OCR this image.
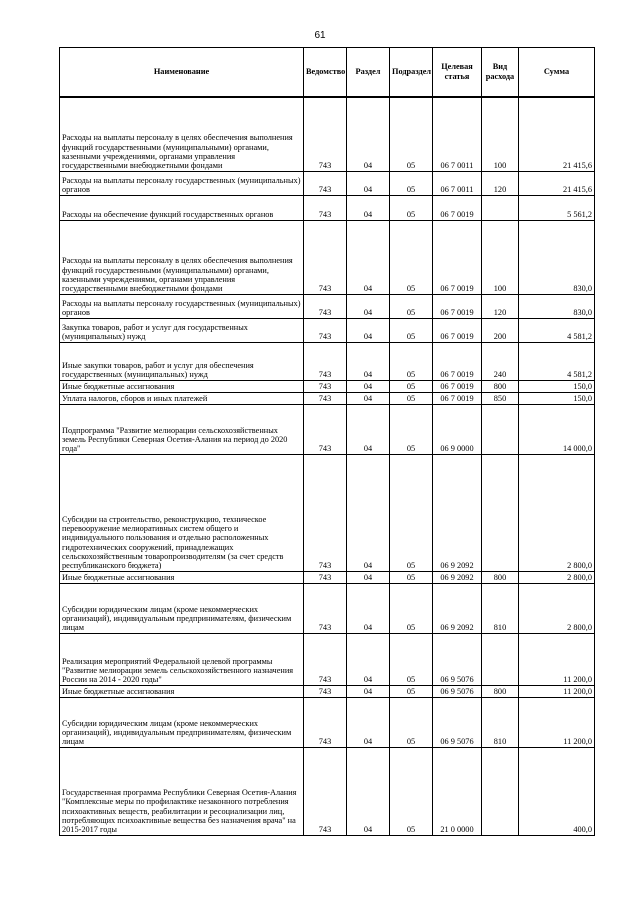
61
Наименование	Ведомство	Раздел	Подраздел	Целевая статья	Вид расхода	Сумма
Расходы на выплаты персоналу в целях обеспечения выполнения функций государственными (муниципальными) органами, казенными учреждениями, органами управления государственными внебюджетными фондами	743	04	05	06 7 0011	100	21 415,6
Расходы на выплаты персоналу государственных (муниципальных) органов	743	04	05	06 7 0011	120	21 415,6
Расходы на обеспечение функций государственных органов	743	04	05	06 7 0019		5 561,2
Расходы на выплаты персоналу в целях обеспечения выполнения функций государственными (муниципальными) органами, казенными учреждениями, органами управления государственными внебюджетными фондами	743	04	05	06 7 0019	100	830,0
Расходы на выплаты персоналу государственных (муниципальных) органов	743	04	05	06 7 0019	120	830,0
Закупка товаров, работ и услуг для государственных (муниципальных) нужд	743	04	05	06 7 0019	200	4 581,2
Иные закупки товаров, работ и услуг для обеспечения государственных (муниципальных) нужд	743	04	05	06 7 0019	240	4 581,2
Иные бюджетные ассигнования	743	04	05	06 7 0019	800	150,0
Уплата налогов, сборов и иных платежей	743	04	05	06 7 0019	850	150,0
Подпрограмма "Развитие мелиорации сельскохозяйственных земель Республики Северная Осетия-Алания на период до 2020 года"	743	04	05	06 9 0000		14 000,0
Субсидии на строительство, реконструкцию, техническое перевооружение мелиоративных систем общего и индивидуального пользования и отдельно расположенных гидротехнических сооружений, принадлежащих сельскохозяйственным товаропроизводителям (за счет средств республиканского бюджета)	743	04	05	06 9 2092		2 800,0
Иные бюджетные ассигнования	743	04	05	06 9 2092	800	2 800,0
Субсидии юридическим лицам (кроме некоммерческих организаций), индивидуальным предпринимателям, физическим лицам	743	04	05	06 9 2092	810	2 800,0
Реализация мероприятий Федеральной целевой программы "Развитие мелиорации земель сельскохозяйственного назначения России на 2014 - 2020 годы"	743	04	05	06 9 5076		11 200,0
Иные бюджетные ассигнования	743	04	05	06 9 5076	800	11 200,0
Субсидии юридическим лицам (кроме некоммерческих организаций), индивидуальным предпринимателям, физическим лицам	743	04	05	06 9 5076	810	11 200,0
Государственная программа Республики Северная Осетия-Алания "Комплексные меры по профилактике незаконного потребления психоактивных веществ, реабилитации и ресоциализации лиц, потребляющих психоактивные вещества без назначения врача" на 2015-2017 годы	743	04	05	21 0 0000		400,0
